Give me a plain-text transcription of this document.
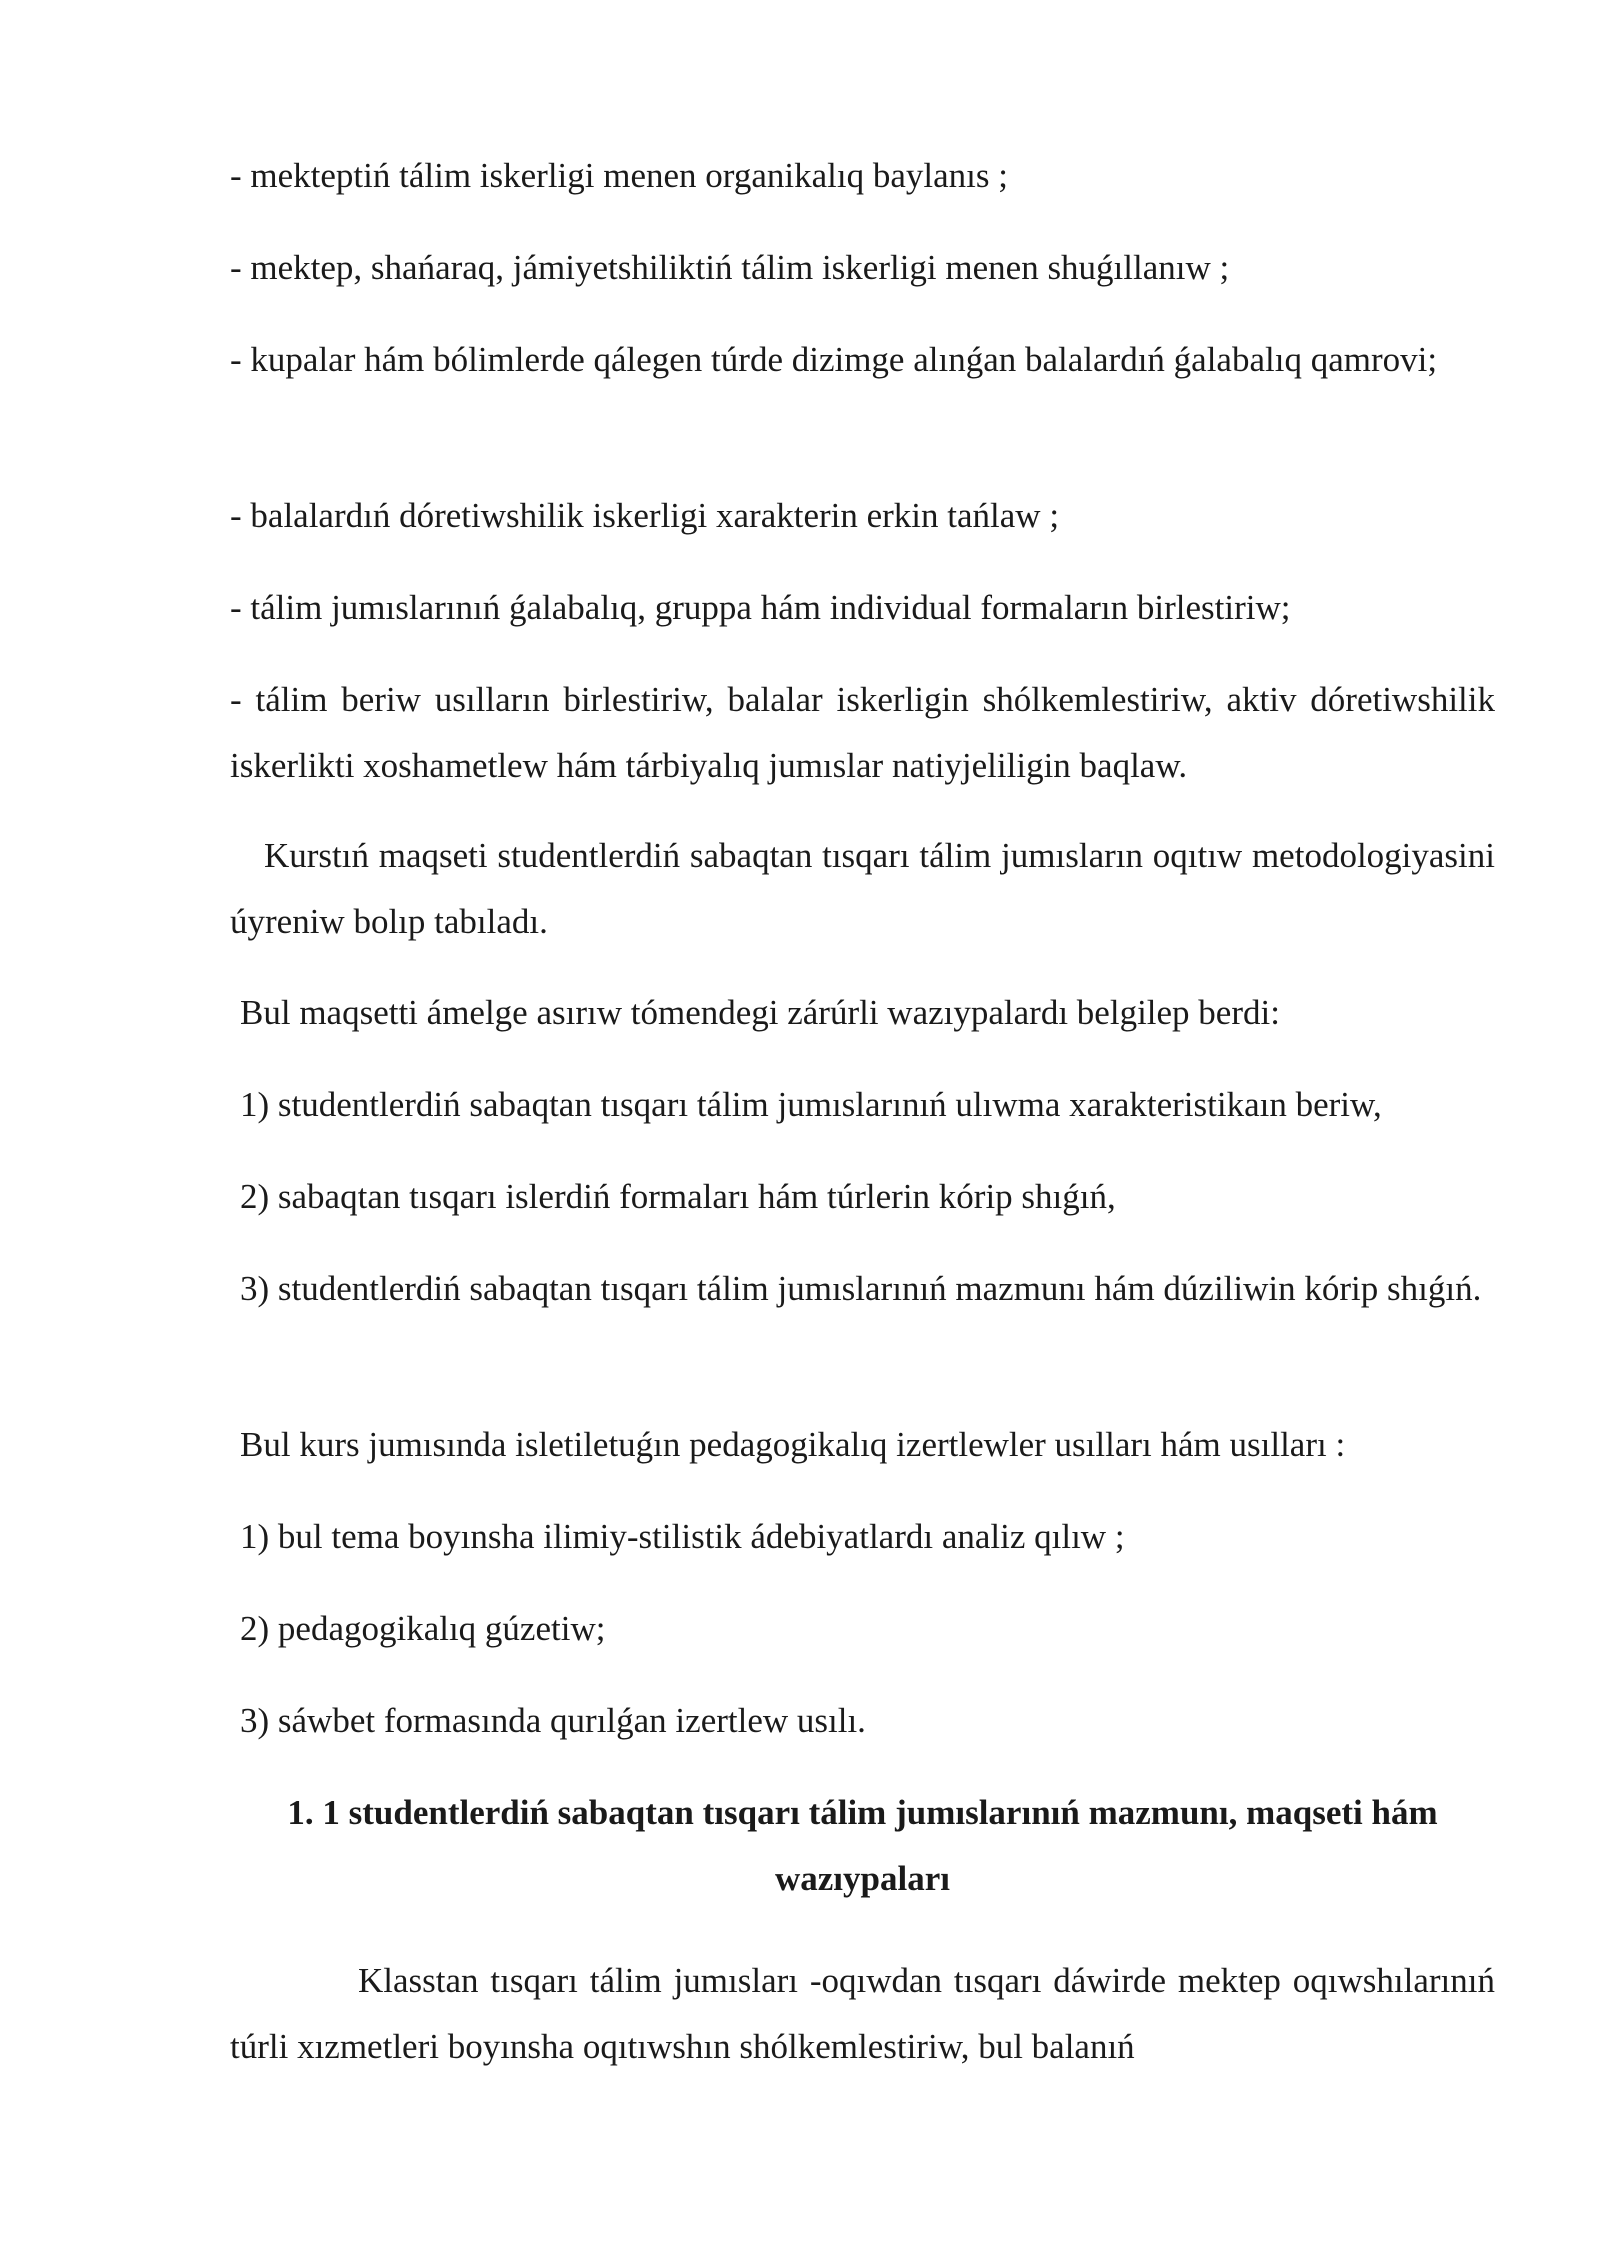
- mekteptiń tálim iskerligi menen organikalıq baylanıs ;

- mektep, shańaraq, jámiyetshiliktiń tálim iskerligi menen shuǵıllanıw ;

- kupalar hám bólimlerde qálegen túrde dizimge alınǵan balalardıń ǵalabalıq qamrovi;

- balalardıń dóretiwshilik iskerligi xarakterin erkin tańlaw ;

- tálim jumıslarınıń ǵalabalıq, gruppa hám individual formaların birlestiriw;

- tálim beriw usılların birlestiriw, balalar iskerligin shólkemlestiriw, aktiv dóretiwshilik iskerlikti xoshametlew hám tárbiyalıq jumıslar natiyjeliligin baqlaw.

Kurstıń maqseti studentlerdiń sabaqtan tısqarı tálim jumısların oqıtıw metodologiyasini úyreniw bolıp tabıladı.

Bul maqsetti ámelge asırıw tómendegi zárúrli wazıypalardı belgilep berdi:

1) studentlerdiń sabaqtan tısqarı tálim jumıslarınıń ulıwma xarakteristikaın beriw,

2) sabaqtan tısqarı islerdiń formaları hám túrlerin kórip shıǵıń,

3) studentlerdiń sabaqtan tısqarı tálim jumıslarınıń mazmunı hám dúziliwin kórip shıǵıń.

Bul kurs jumısında isletiletuǵın pedagogikalıq izertlewler usılları hám usılları :

1) bul tema boyınsha ilimiy-stilistik ádebiyatlardı analiz qılıw ;

2) pedagogikalıq gúzetiw;

3) sáwbet formasında qurılǵan izertlew usılı.

1. 1 studentlerdiń sabaqtan tısqarı tálim jumıslarınıń mazmunı, maqseti hám wazıypaları

Klasstan tısqarı tálim jumısları -oqıwdan tısqarı dáwirde mektep oqıwshılarınıń túrli xızmetleri boyınsha oqıtıwshın shólkemlestiriw, bul balanıń
